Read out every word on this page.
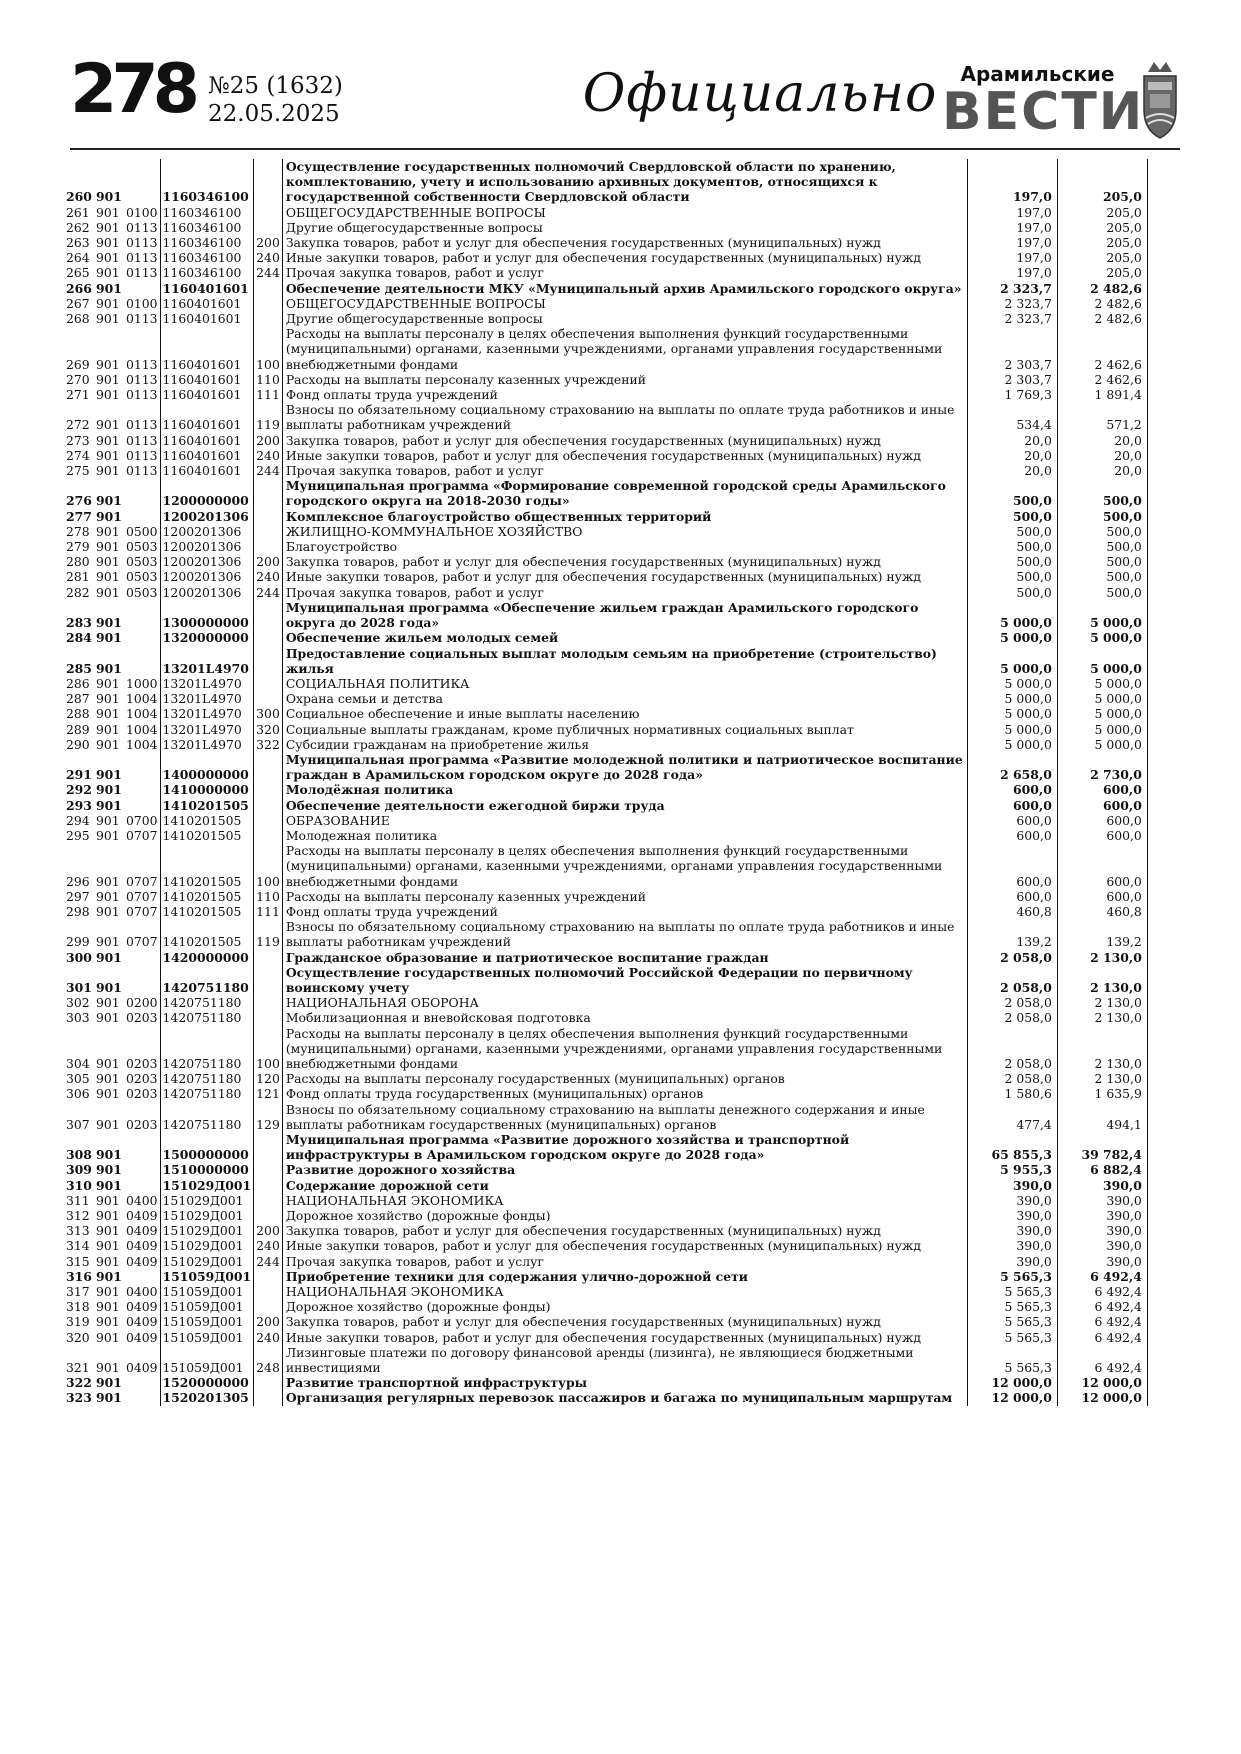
278 №25 (1632)
22.05.2025	Официально	Арамильские
ВЕСТИ
260	901		1160346100		Осуществление государственных полномочий Свердловской области по хранению, комплектованию, учету и использованию архивных документов, относящихся к государственной собственности Свердловской области	197,0	205,0
261	901	0100	1160346100		ОБЩЕГОСУДАРСТВЕННЫЕ ВОПРОСЫ	197,0	205,0
262	901	0113	1160346100		Другие общегосударственные вопросы	197,0	205,0
263	901	0113	1160346100	200	Закупка товаров, работ и услуг для обеспечения государственных (муниципальных) нужд	197,0	205,0
264	901	0113	1160346100	240	Иные закупки товаров, работ и услуг для обеспечения государственных (муниципальных) нужд	197,0	205,0
265	901	0113	1160346100	244	Прочая закупка товаров, работ и услуг	197,0	205,0
266	901		1160401601		Обеспечение деятельности МКУ «Муниципальный архив Арамильского городского округа»	2 323,7	2 482,6
267	901	0100	1160401601		ОБЩЕГОСУДАРСТВЕННЫЕ ВОПРОСЫ	2 323,7	2 482,6
268	901	0113	1160401601		Другие общегосударственные вопросы	2 323,7	2 482,6
269	901	0113	1160401601	100	Расходы на выплаты персоналу в целях обеспечения выполнения функций государственными (муниципальными) органами, казенными учреждениями, органами управления государственными внебюджетными фондами	2 303,7	2 462,6
270	901	0113	1160401601	110	Расходы на выплаты персоналу казенных учреждений	2 303,7	2 462,6
271	901	0113	1160401601	111	Фонд оплаты труда учреждений	1 769,3	1 891,4
272	901	0113	1160401601	119	Взносы по обязательному социальному страхованию на выплаты по оплате труда работников и иные выплаты работникам учреждений	534,4	571,2
273	901	0113	1160401601	200	Закупка товаров, работ и услуг для обеспечения государственных (муниципальных) нужд	20,0	20,0
274	901	0113	1160401601	240	Иные закупки товаров, работ и услуг для обеспечения государственных (муниципальных) нужд	20,0	20,0
275	901	0113	1160401601	244	Прочая закупка товаров, работ и услуг	20,0	20,0
276	901		1200000000		Муниципальная программа «Формирование современной городской среды Арамильского городского округа на 2018-2030 годы»	500,0	500,0
277	901		1200201306		Комплексное благоустройство общественных территорий	500,0	500,0
278	901	0500	1200201306		ЖИЛИЩНО-КОММУНАЛЬНОЕ ХОЗЯЙСТВО	500,0	500,0
279	901	0503	1200201306		Благоустройство	500,0	500,0
280	901	0503	1200201306	200	Закупка товаров, работ и услуг для обеспечения государственных (муниципальных) нужд	500,0	500,0
281	901	0503	1200201306	240	Иные закупки товаров, работ и услуг для обеспечения государственных (муниципальных) нужд	500,0	500,0
282	901	0503	1200201306	244	Прочая закупка товаров, работ и услуг	500,0	500,0
283	901		1300000000		Муниципальная программа «Обеспечение жильем граждан Арамильского городского округа до 2028 года»	5 000,0	5 000,0
284	901		1320000000		Обеспечение жильем молодых семей	5 000,0	5 000,0
285	901		13201L4970		Предоставление социальных выплат молодым семьям на приобретение (строительство) жилья	5 000,0	5 000,0
286	901	1000	13201L4970		СОЦИАЛЬНАЯ ПОЛИТИКА	5 000,0	5 000,0
287	901	1004	13201L4970		Охрана семьи и детства	5 000,0	5 000,0
288	901	1004	13201L4970	300	Социальное обеспечение и иные выплаты населению	5 000,0	5 000,0
289	901	1004	13201L4970	320	Социальные выплаты гражданам, кроме публичных нормативных социальных выплат	5 000,0	5 000,0
290	901	1004	13201L4970	322	Субсидии гражданам на приобретение жилья	5 000,0	5 000,0
291	901		1400000000		Муниципальная программа «Развитие молодежной политики и патриотическое воспитание граждан в Арамильском городском округе до 2028 года»	2 658,0	2 730,0
292	901		1410000000		Молодёжная политика	600,0	600,0
293	901		1410201505		Обеспечение деятельности ежегодной биржи труда	600,0	600,0
294	901	0700	1410201505		ОБРАЗОВАНИЕ	600,0	600,0
295	901	0707	1410201505		Молодежная политика	600,0	600,0
296	901	0707	1410201505	100	Расходы на выплаты персоналу в целях обеспечения выполнения функций государственными (муниципальными) органами, казенными учреждениями, органами управления государственными внебюджетными фондами	600,0	600,0
297	901	0707	1410201505	110	Расходы на выплаты персоналу казенных учреждений	600,0	600,0
298	901	0707	1410201505	111	Фонд оплаты труда учреждений	460,8	460,8
299	901	0707	1410201505	119	Взносы по обязательному социальному страхованию на выплаты по оплате труда работников и иные выплаты работникам учреждений	139,2	139,2
300	901		1420000000		Гражданское образование и патриотическое воспитание граждан	2 058,0	2 130,0
301	901		1420751180		Осуществление государственных полномочий Российской Федерации по первичному воинскому учету	2 058,0	2 130,0
302	901	0200	1420751180		НАЦИОНАЛЬНАЯ ОБОРОНА	2 058,0	2 130,0
303	901	0203	1420751180		Мобилизационная и вневойсковая подготовка	2 058,0	2 130,0
304	901	0203	1420751180	100	Расходы на выплаты персоналу в целях обеспечения выполнения функций государственными (муниципальными) органами, казенными учреждениями, органами управления государственными внебюджетными фондами	2 058,0	2 130,0
305	901	0203	1420751180	120	Расходы на выплаты персоналу государственных (муниципальных) органов	2 058,0	2 130,0
306	901	0203	1420751180	121	Фонд оплаты труда государственных (муниципальных) органов	1 580,6	1 635,9
307	901	0203	1420751180	129	Взносы по обязательному социальному страхованию на выплаты денежного содержания и иные выплаты работникам государственных (муниципальных) органов	477,4	494,1
308	901		1500000000		Муниципальная программа «Развитие дорожного хозяйства и транспортной инфраструктуры в Арамильском городском округе до 2028 года»	65 855,3	39 782,4
309	901		1510000000		Развитие дорожного хозяйства	5 955,3	6 882,4
310	901		151029Д001		Содержание дорожной сети	390,0	390,0
311	901	0400	151029Д001		НАЦИОНАЛЬНАЯ ЭКОНОМИКА	390,0	390,0
312	901	0409	151029Д001		Дорожное хозяйство (дорожные фонды)	390,0	390,0
313	901	0409	151029Д001	200	Закупка товаров, работ и услуг для обеспечения государственных (муниципальных) нужд	390,0	390,0
314	901	0409	151029Д001	240	Иные закупки товаров, работ и услуг для обеспечения государственных (муниципальных) нужд	390,0	390,0
315	901	0409	151029Д001	244	Прочая закупка товаров, работ и услуг	390,0	390,0
316	901		151059Д001		Приобретение техники для содержания улично-дорожной сети	5 565,3	6 492,4
317	901	0400	151059Д001		НАЦИОНАЛЬНАЯ ЭКОНОМИКА	5 565,3	6 492,4
318	901	0409	151059Д001		Дорожное хозяйство (дорожные фонды)	5 565,3	6 492,4
319	901	0409	151059Д001	200	Закупка товаров, работ и услуг для обеспечения государственных (муниципальных) нужд	5 565,3	6 492,4
320	901	0409	151059Д001	240	Иные закупки товаров, работ и услуг для обеспечения государственных (муниципальных) нужд	5 565,3	6 492,4
321	901	0409	151059Д001	248	Лизинговые платежи по договору финансовой аренды (лизинга), не являющиеся бюджетными инвестициями	5 565,3	6 492,4
322	901		1520000000		Развитие транспортной инфраструктуры	12 000,0	12 000,0
323	901		1520201305		Организация регулярных перевозок пассажиров и багажа по муниципальным маршрутам	12 000,0	12 000,0
